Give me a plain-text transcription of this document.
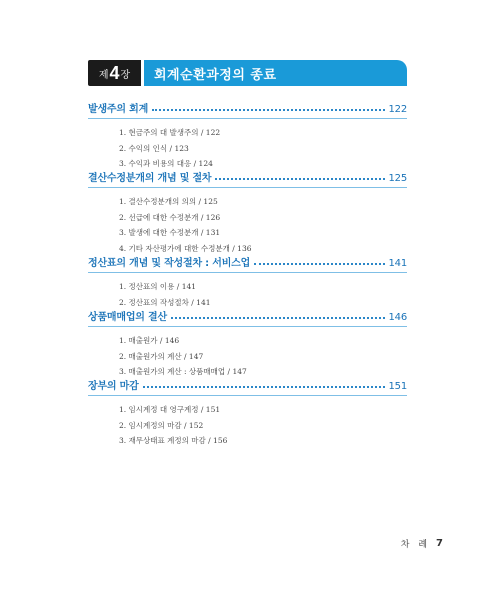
제 4 장	회계순환과정의 종료
발생주의 회계	122
1. 현금주의 대 발생주의 / 122
2. 수익의 인식 / 123
3. 수익과 비용의 대응 / 124
결산수정분개의 개념 및 절차	125
1. 결산수정분개의 의의 / 125
2. 선급에 대한 수정분개 / 126
3. 발생에 대한 수정분개 / 131
4. 기타 자산평가에 대한 수정분개 / 136
정산표의 개념 및 작성절차 : 서비스업	141
1. 정산표의 이용 / 141
2. 정산표의 작성절차 / 141
상품매매업의 결산	146
1. 매출원가 / 146
2. 매출원가의 계산 / 147
3. 매출원가의 계산 : 상품매매업 / 147
장부의 마감	151
1. 임시계정 대 영구계정 / 151
2. 임시계정의 마감 / 152
3. 재무상태표 계정의 마감 / 156
차 례 7
